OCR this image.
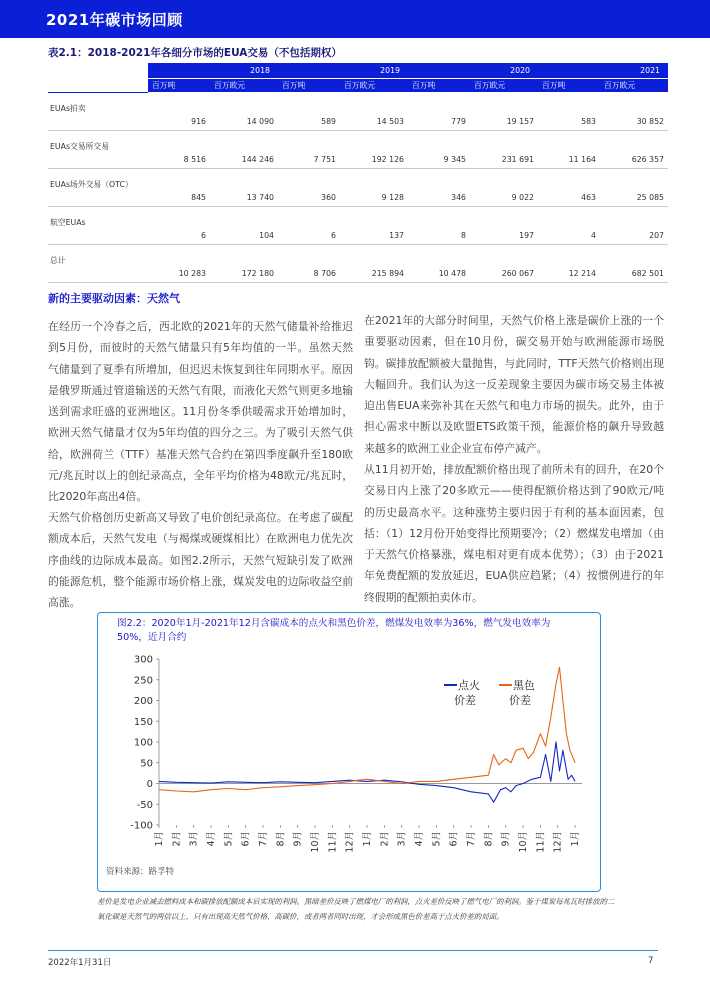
2021年碳市场回顾
表2.1：2018-2021年各细分市场的EUA交易（不包括期权）
	2018		2019		2020		2021	
	百万吨	百万欧元	百万吨	百万欧元	百万吨	百万欧元	百万吨	百万欧元
EUAs拍卖	916	14 090	589	14 503	779	19 157	583	30 852
EUAs交易所交易	8 516	144 246	7 751	192 126	9 345	231 691	11 164	626 357
EUAs场外交易（OTC）	845	13 740	360	9 128	346	9 022	463	25 085
航空EUAs	6	104	6	137	8	197	4	207
总计	10 283	172 180	8 706	215 894	10 478	260 067	12 214	682 501
新的主要驱动因素：天然气

在经历一个冷春之后，西北欧的2021年的天然气储量补给推迟到5月份，而彼时的天然气储量只有5年均值的一半。虽然天然气储量到了夏季有所增加，但迟迟未恢复到往年同期水平。原因是俄罗斯通过管道输送的天然气有限，而液化天然气则更多地输送到需求旺盛的亚洲地区。11月份冬季供暖需求开始增加时，欧洲天然气储量才仅为5年均值的四分之三。为了吸引天然气供给，欧洲荷兰（TTF）基准天然气合约在第四季度飙升至180欧元/兆瓦时以上的创纪录高点，全年平均价格为48欧元/兆瓦时，比2020年高出4倍。

天然气价格创历史新高又导致了电价创纪录高位。在考虑了碳配额成本后，天然气发电（与褐煤或硬煤相比）在欧洲电力优先次序曲线的边际成本最高。如图2.2所示，天然气短缺引发了欧洲的能源危机，整个能源市场价格上涨，煤炭发电的边际收益空前高涨。

在2021年的大部分时间里，天然气价格上涨是碳价上涨的一个重要驱动因素，但在10月份，碳交易开始与欧洲能源市场脱钩。碳排放配额被大量抛售，与此同时，TTF天然气价格则出现大幅回升。我们认为这一反差现象主要因为碳市场交易主体被迫出售EUA来弥补其在天然气和电力市场的损失。此外，由于担心需求中断以及欧盟ETS政策干预，能源价格的飙升导致越来越多的欧洲工业企业宣布停产减产。

从11月初开始，排放配额价格出现了前所未有的回升，在20个交易日内上涨了20多欧元——使得配额价格达到了90欧元/吨的历史最高水平。这种涨势主要归因于有利的基本面因素，包括：（1）12月份开始变得比预期要冷；（2）燃煤发电增加（由于天然气价格暴涨，煤电相对更有成本优势）；（3）由于2021年免费配额的发放延迟，EUA供应趋紧；（4）按惯例进行的年终假期的配额拍卖休市。

图2.2：2020年1月-2021年12月含碳成本的点火和黑色价差，燃煤发电效率为36%，燃气发电效率为50%，近月合约
-100
-50
0
50
100
150
200
250
300
1月 2月 3月 4月 5月 6月 7月 8月 9月 10月 11月 12月 1月 2月 3月 4月 5月 6月 7月 8月 9月 10月 11月 12月 1月
点火
价差
黑色
价差
资料来源：路孚特
差价是发电企业减去燃料成本和碳排放配额成本后实现的利润。黑暗差价反映了燃煤电厂的利润，点火差价反映了燃气电厂的利润。鉴于煤炭每兆瓦时排放的二氧化碳是天然气的两倍以上，只有出现高天然气价格、高碳价，或者两者同时出现，才会形成黑色价差高于点火价差的局面。
2022年1月31日	7
